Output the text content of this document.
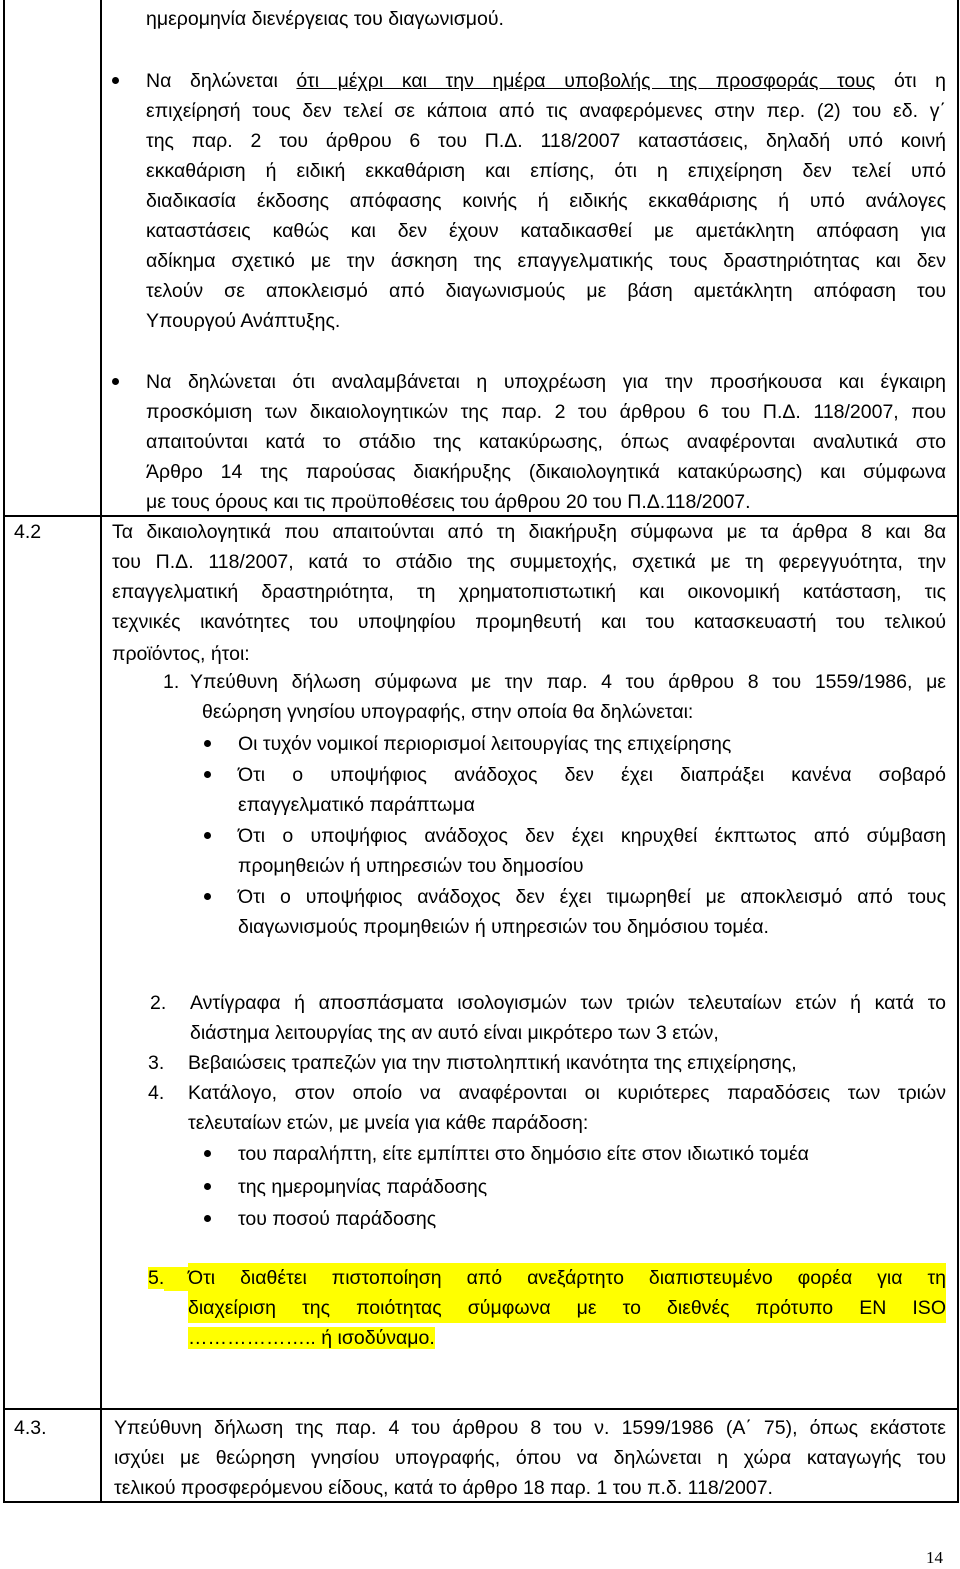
ημερομηνία διενέργειας του διαγωνισμού.
Να δηλώνεται ότι μέχρι και την ημέρα υποβολής της προσφοράς τους ότι η
επιχείρησή τους δεν τελεί σε κάποια από τις αναφερόμενες στην περ. (2) του εδ. γ΄
της παρ. 2 του άρθρου 6 του Π.Δ. 118/2007 καταστάσεις, δηλαδή υπό κοινή
εκκαθάριση ή ειδική εκκαθάριση και επίσης, ότι η επιχείρηση δεν τελεί υπό
διαδικασία έκδοσης απόφασης κοινής ή ειδικής εκκαθάρισης ή υπό ανάλογες
καταστάσεις καθώς και δεν έχουν καταδικασθεί με αμετάκλητη απόφαση για
αδίκημα σχετικό με την άσκηση της επαγγελματικής τους δραστηριότητας και δεν
τελούν σε αποκλεισμό από διαγωνισμούς με βάση αμετάκλητη απόφαση του
Υπουργού Ανάπτυξης.
Να δηλώνεται ότι αναλαμβάνεται η υποχρέωση για την προσήκουσα και έγκαιρη
προσκόμιση των δικαιολογητικών της παρ. 2 του άρθρου 6 του Π.Δ. 118/2007, που
απαιτούνται κατά το στάδιο της κατακύρωσης, όπως αναφέρονται αναλυτικά στο
Άρθρο 14 της παρούσας διακήρυξης (δικαιολογητικά κατακύρωσης) και σύμφωνα
με τους όρους και τις προϋποθέσεις του άρθρου 20 του Π.Δ.118/2007.
4.2	Τα δικαιολογητικά που απαιτούνται από τη διακήρυξη σύμφωνα με τα άρθρα 8 και 8α
του Π.Δ. 118/2007, κατά το στάδιο της συμμετοχής, σχετικά με τη φερεγγυότητα, την
επαγγελματική δραστηριότητα, τη χρηματοπιστωτική και οικονομική κατάσταση, τις
τεχνικές ικανότητες του υποψηφίου προμηθευτή και του κατασκευαστή του τελικού
προϊόντος, ήτοι:
1. Υπεύθυνη δήλωση σύμφωνα με την παρ. 4 του άρθρου 8 του 1559/1986, με
θεώρηση γνησίου υπογραφής, στην οποία θα δηλώνεται:
Οι τυχόν νομικοί περιορισμοί λειτουργίας της επιχείρησης
Ότι ο υποψήφιος ανάδοχος δεν έχει διαπράξει κανένα σοβαρό
επαγγελματικό παράπτωμα
Ότι ο υποψήφιος ανάδοχος δεν έχει κηρυχθεί έκπτωτος από σύμβαση
προμηθειών ή υπηρεσιών του δημοσίου
Ότι ο υποψήφιος ανάδοχος δεν έχει τιμωρηθεί με αποκλεισμό από τους
διαγωνισμούς προμηθειών ή υπηρεσιών του δημόσιου τομέα.
2. Αντίγραφα ή αποσπάσματα ισολογισμών των τριών τελευταίων ετών ή κατά το
διάστημα λειτουργίας της αν αυτό είναι μικρότερο των 3 ετών,
3. Βεβαιώσεις τραπεζών για την πιστοληπτική ικανότητα της επιχείρησης,
4. Κατάλογο, στον οποίο να αναφέρονται οι κυριότερες παραδόσεις των τριών
τελευταίων ετών, με μνεία για κάθε παράδοση:
του παραλήπτη, είτε εμπίπτει στο δημόσιο είτε στον ιδιωτικό τομέα
της ημερομηνίας παράδοσης
του ποσού παράδοσης
5. Ότι διαθέτει πιστοποίηση από ανεξάρτητο διαπιστευμένο φορέα για τη
διαχείριση της ποιότητας σύμφωνα με το διεθνές πρότυπο EN ISO
……………….. ή ισοδύναμο.
4.3.	Υπεύθυνη δήλωση της παρ. 4 του άρθρου 8 του ν. 1599/1986 (Α΄ 75), όπως εκάστοτε
ισχύει με θεώρηση γνησίου υπογραφής, όπου να δηλώνεται η χώρα καταγωγής του
τελικού προσφερόμενου είδους, κατά το άρθρο 18 παρ. 1 του π.δ. 118/2007.
14
